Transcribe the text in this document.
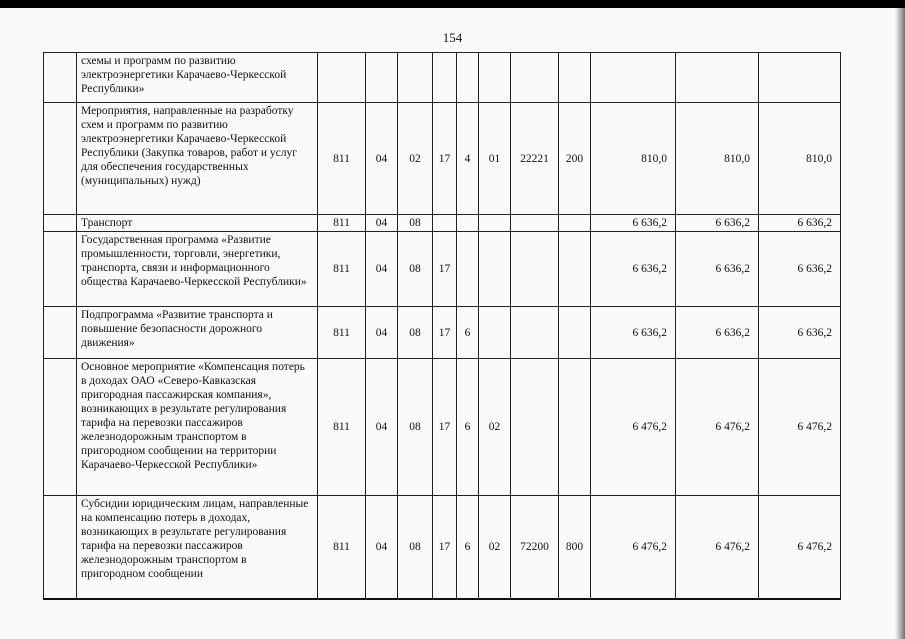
154
	схемы и программ по развитию электроэнергетики Карачаево-Черкесской Республики»											
	Мероприятия, направленные на разработку схем и программ по развитию электроэнергетики Карачаево-Черкесской Республики (Закупка товаров, работ и услуг для обеспечения государственных (муниципальных) нужд)	811	04	02	17	4	01	22221	200	810,0	810,0	810,0
	Транспорт	811	04	08						6 636,2	6 636,2	6 636,2
	Государственная программа «Развитие промышленности, торговли, энергетики, транспорта, связи и информационного общества Карачаево-Черкесской Республики»	811	04	08	17					6 636,2	6 636,2	6 636,2
	Подпрограмма «Развитие транспорта и повышение безопасности дорожного движения»	811	04	08	17	6				6 636,2	6 636,2	6 636,2
	Основное мероприятие «Компенсация потерь в доходах ОАО «Северо-Кавказская пригородная пассажирская компания», возникающих в результате регулирования тарифа на перевозки пассажиров железнодорожным транспортом в пригородном сообщении на территории Карачаево-Черкесской Республики»	811	04	08	17	6	02			6 476,2	6 476,2	6 476,2
	Субсидии юридическим лицам, направленные на компенсацию потерь в доходах, возникающих в результате регулирования тарифа на перевозки пассажиров железнодорожным транспортом в пригородном сообщении	811	04	08	17	6	02	72200	800	6 476,2	6 476,2	6 476,2
